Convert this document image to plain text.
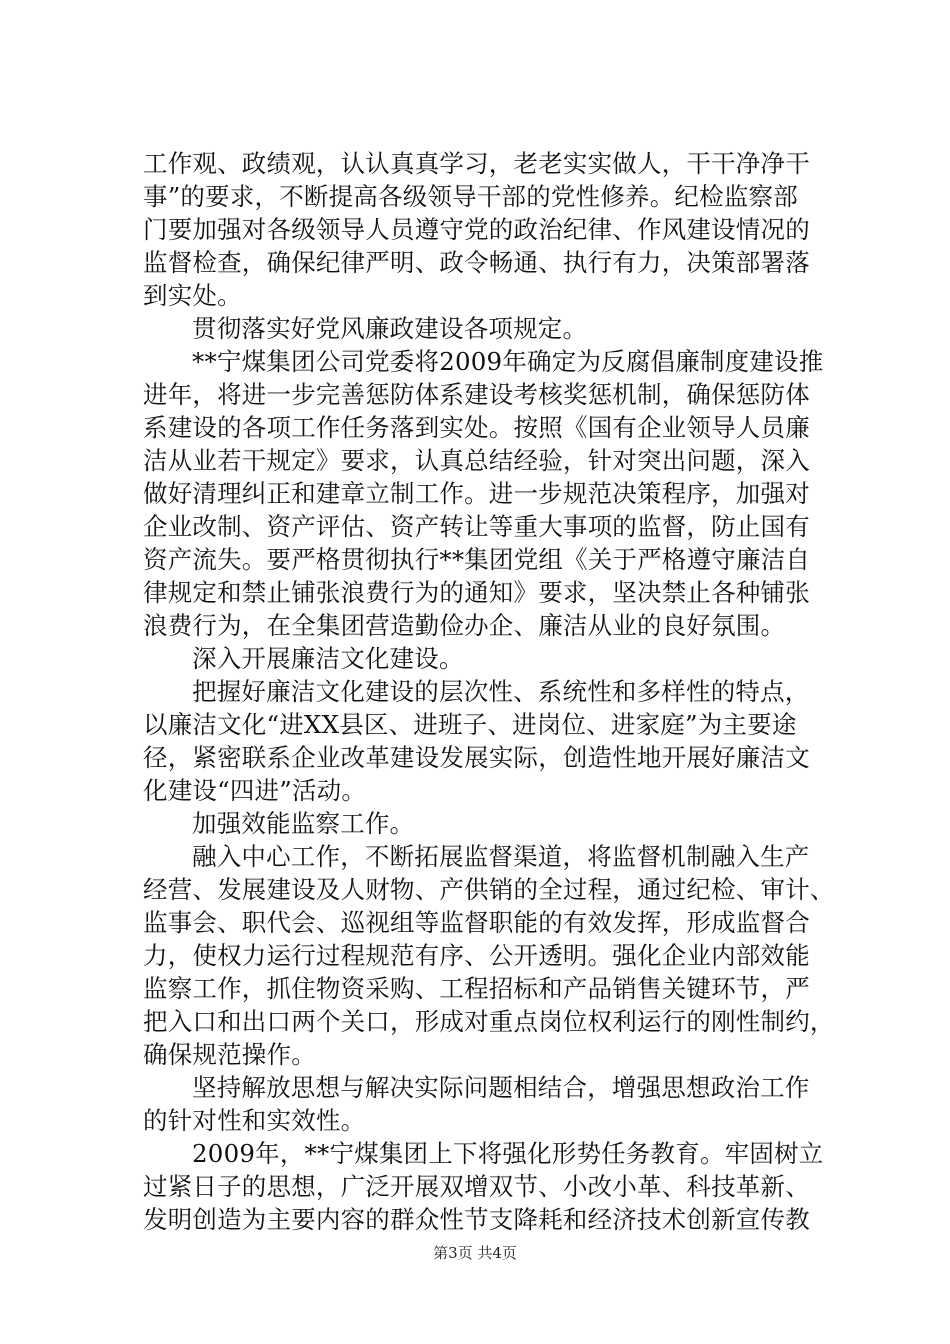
工作观、政绩观，认认真真学习，老老实实做人，干干净净干
事”的要求，不断提高各级领导干部的党性修养。纪检监察部
门要加强对各级领导人员遵守党的政治纪律、作风建设情况的
监督检查，确保纪律严明、政令畅通、执行有力，决策部署落
到实处。
贯彻落实好党风廉政建设各项规定。
**宁煤集团公司党委将2009年确定为反腐倡廉制度建设推
进年，将进一步完善惩防体系建设考核奖惩机制，确保惩防体
系建设的各项工作任务落到实处。按照《国有企业领导人员廉
洁从业若干规定》要求，认真总结经验，针对突出问题，深入
做好清理纠正和建章立制工作。进一步规范决策程序，加强对
企业改制、资产评估、资产转让等重大事项的监督，防止国有
资产流失。要严格贯彻执行**集团党组《关于严格遵守廉洁自
律规定和禁止铺张浪费行为的通知》要求，坚决禁止各种铺张
浪费行为，在全集团营造勤俭办企、廉洁从业的良好氛围。
深入开展廉洁文化建设。
把握好廉洁文化建设的层次性、系统性和多样性的特点，
以廉洁文化“进XX县区、进班子、进岗位、进家庭”为主要途
径，紧密联系企业改革建设发展实际，创造性地开展好廉洁文
化建设“四进”活动。
加强效能监察工作。
融入中心工作，不断拓展监督渠道，将监督机制融入生产
经营、发展建设及人财物、产供销的全过程，通过纪检、审计、
监事会、职代会、巡视组等监督职能的有效发挥，形成监督合
力，使权力运行过程规范有序、公开透明。强化企业内部效能
监察工作，抓住物资采购、工程招标和产品销售关键环节，严
把入口和出口两个关口，形成对重点岗位权利运行的刚性制约，
确保规范操作。
坚持解放思想与解决实际问题相结合，增强思想政治工作
的针对性和实效性。
2009年，**宁煤集团上下将强化形势任务教育。牢固树立
过紧日子的思想，广泛开展双增双节、小改小革、科技革新、
发明创造为主要内容的群众性节支降耗和经济技术创新宣传教
第3页 共4页
